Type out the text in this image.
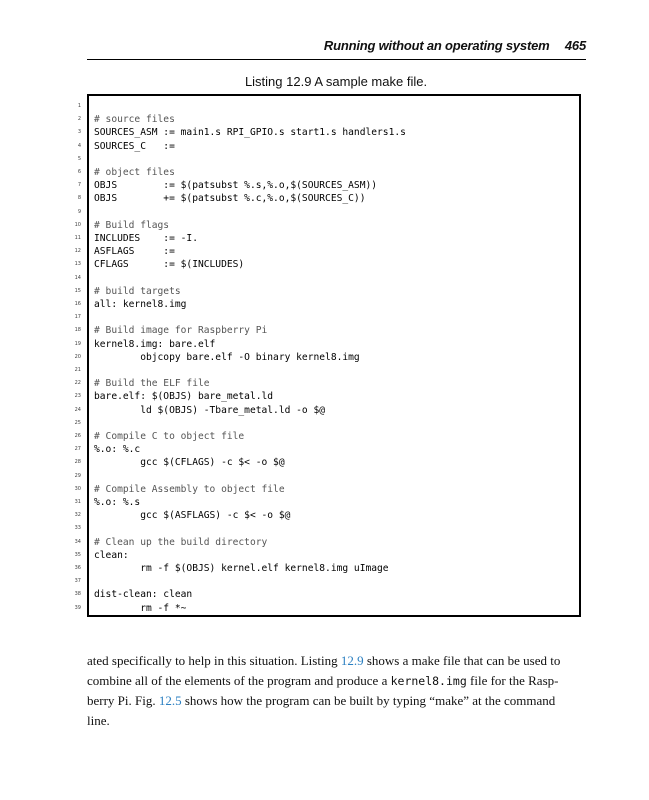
Running without an operating system 465
Listing 12.9 A sample make file.
1
2 # source files
3 SOURCES_ASM := main1.s RPI_GPIO.s start1.s handlers1.s
4 SOURCES_C   :=
5
6 # object files
7 OBJS        := $(patsubst %.s,%.o,$(SOURCES_ASM))
8 OBJS        += $(patsubst %.c,%.o,$(SOURCES_C))
9
10 # Build flags
11 INCLUDES    := -I.
12 ASFLAGS     :=
13 CFLAGS      := $(INCLUDES)
14
15 # build targets
16 all: kernel8.img
17
18 # Build image for Raspberry Pi
19 kernel8.img: bare.elf
20 objcopy bare.elf -O binary kernel8.img
21
22 # Build the ELF file
23 bare.elf: $(OBJS) bare_metal.ld
24 ld $(OBJS) -Tbare_metal.ld -o $@
25
26 # Compile C to object file
27 %.o: %.c
28 gcc $(CFLAGS) -c $< -o $@
29
30 # Compile Assembly to object file
31 %.o: %.s
32 gcc $(ASFLAGS) -c $< -o $@
33
34 # Clean up the build directory
35 clean:
36 rm -f $(OBJS) kernel.elf kernel8.img uImage
37
38 dist-clean: clean
39 rm -f *~
ated specifically to help in this situation. Listing 12.9 shows a make file that can be used to combine all of the elements of the program and produce a kernel8.img file for the Rasp-berry Pi. Fig. 12.5 shows how the program can be built by typing “make” at the command line.
